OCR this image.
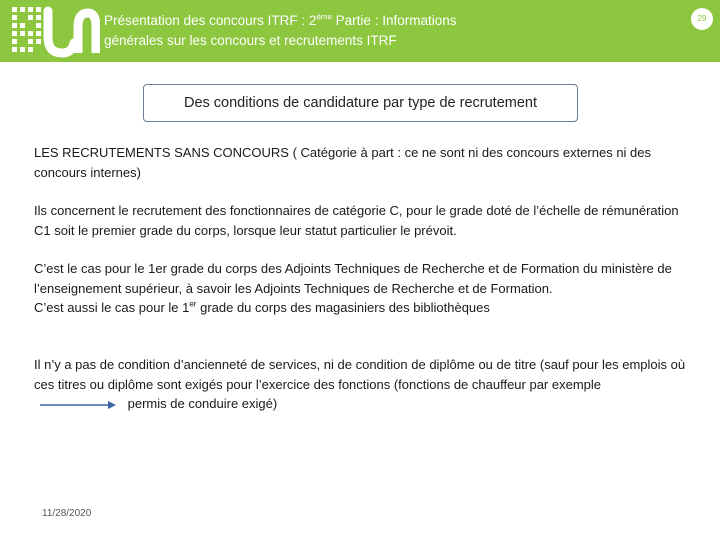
Présentation des concours ITRF : 2ème Partie : Informations
générales sur les concours et recrutements ITRF
29
Des conditions de candidature par type de recrutement
LES RECRUTEMENTS SANS CONCOURS ( Catégorie à part : ce ne sont ni des concours externes ni des concours internes)
Ils concernent le recrutement des fonctionnaires de catégorie C, pour le grade doté de l’échelle de rémunération C1 soit le premier grade du corps, lorsque leur statut particulier le prévoit.
C’est le cas pour le 1er grade du corps des Adjoints Techniques de Recherche et de Formation du ministère de l’enseignement supérieur, à savoir les Adjoints Techniques de Recherche et de Formation.
C’est aussi le cas pour le 1er grade du corps des magasiniers des bibliothèques
Il n’y a pas de condition d’ancienneté de services, ni de condition de diplôme ou de titre (sauf pour les emplois où ces titres ou diplôme sont exigés pour l’exercice des fonctions (fonctions de chauffeur par exemple  permis de conduire exigé)
11/28/2020
